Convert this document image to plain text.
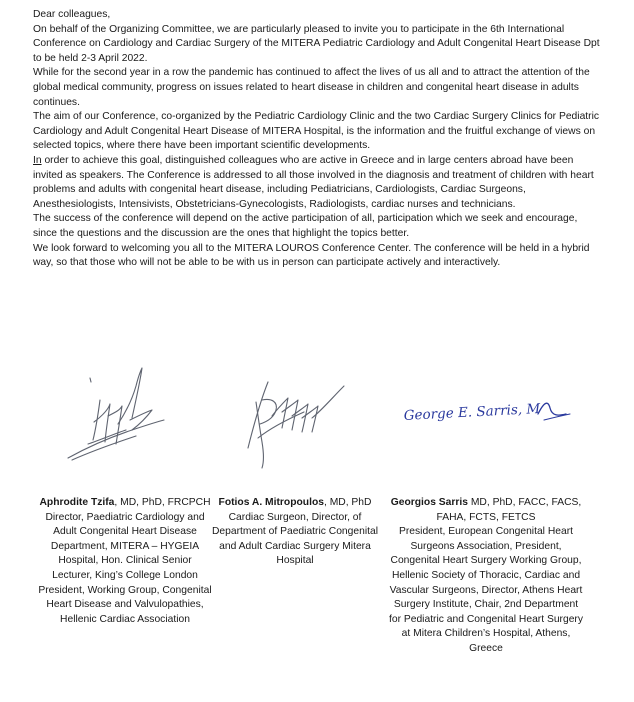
Dear colleagues,

On behalf of the Organizing Committee, we are particularly pleased to invite you to participate in the 6th International Conference on Cardiology and Cardiac Surgery of the MITERA Pediatric Cardiology and Adult Congenital Heart Disease Dpt to be held 2-3 April 2022.

While for the second year in a row the pandemic has continued to affect the lives of us all and to attract the attention of the global medical community, progress on issues related to heart disease in children and congenital heart disease in adults continues.

The aim of our Conference, co-organized by the Pediatric Cardiology Clinic and the two Cardiac Surgery Clinics for Pediatric Cardiology and Adult Congenital Heart Disease of MITERA Hospital, is the information and the fruitful exchange of views on selected topics, where there have been important scientific developments.

In order to achieve this goal, distinguished colleagues who are active in Greece and in large centers abroad have been invited as speakers. The Conference is addressed to all those involved in the diagnosis and treatment of children with heart problems and adults with congenital heart disease, including Pediatricians, Cardiologists, Cardiac Surgeons, Anesthesiologists, Intensivists, Obstetricians-Gynecologists, Radiologists, cardiac nurses and technicians.

The success of the conference will depend on the active participation of all, participation which we seek and encourage, since the questions and the discussion are the ones that highlight the topics better.

We look forward to welcoming you all to the MITERA LOUROS Conference Center. The conference will be held in a hybrid way, so that those who will not be able to be with us in person can participate actively and interactively.

George E. Sarris, M

Aphrodite Tzifa, MD, PhD, FRCPCH

Director, Paediatric Cardiology and Adult Congenital Heart Disease Department, MITERA – HYGEIA Hospital, Hon. Clinical Senior Lecturer, King’s College London

President, Working Group, Congenital Heart Disease and Valvulopathies, Hellenic Cardiac Association

Fotios A. Mitropoulos, MD, PhD

Cardiac Surgeon, Director, of Department of Paediatric Congenital and Adult Cardiac Surgery Mitera Hospital

Georgios Sarris MD, PhD, FACC, FACS, FAHA, FCTS, FETCS

President, European Congenital Heart Surgeons Association, President, Congenital Heart Surgery Working Group, Hellenic Society of Thoracic, Cardiac and Vascular Surgeons, Director, Athens Heart Surgery Institute, Chair, 2nd Department for Pediatric and Congenital Heart Surgery at Mitera Children’s Hospital, Athens, Greece
